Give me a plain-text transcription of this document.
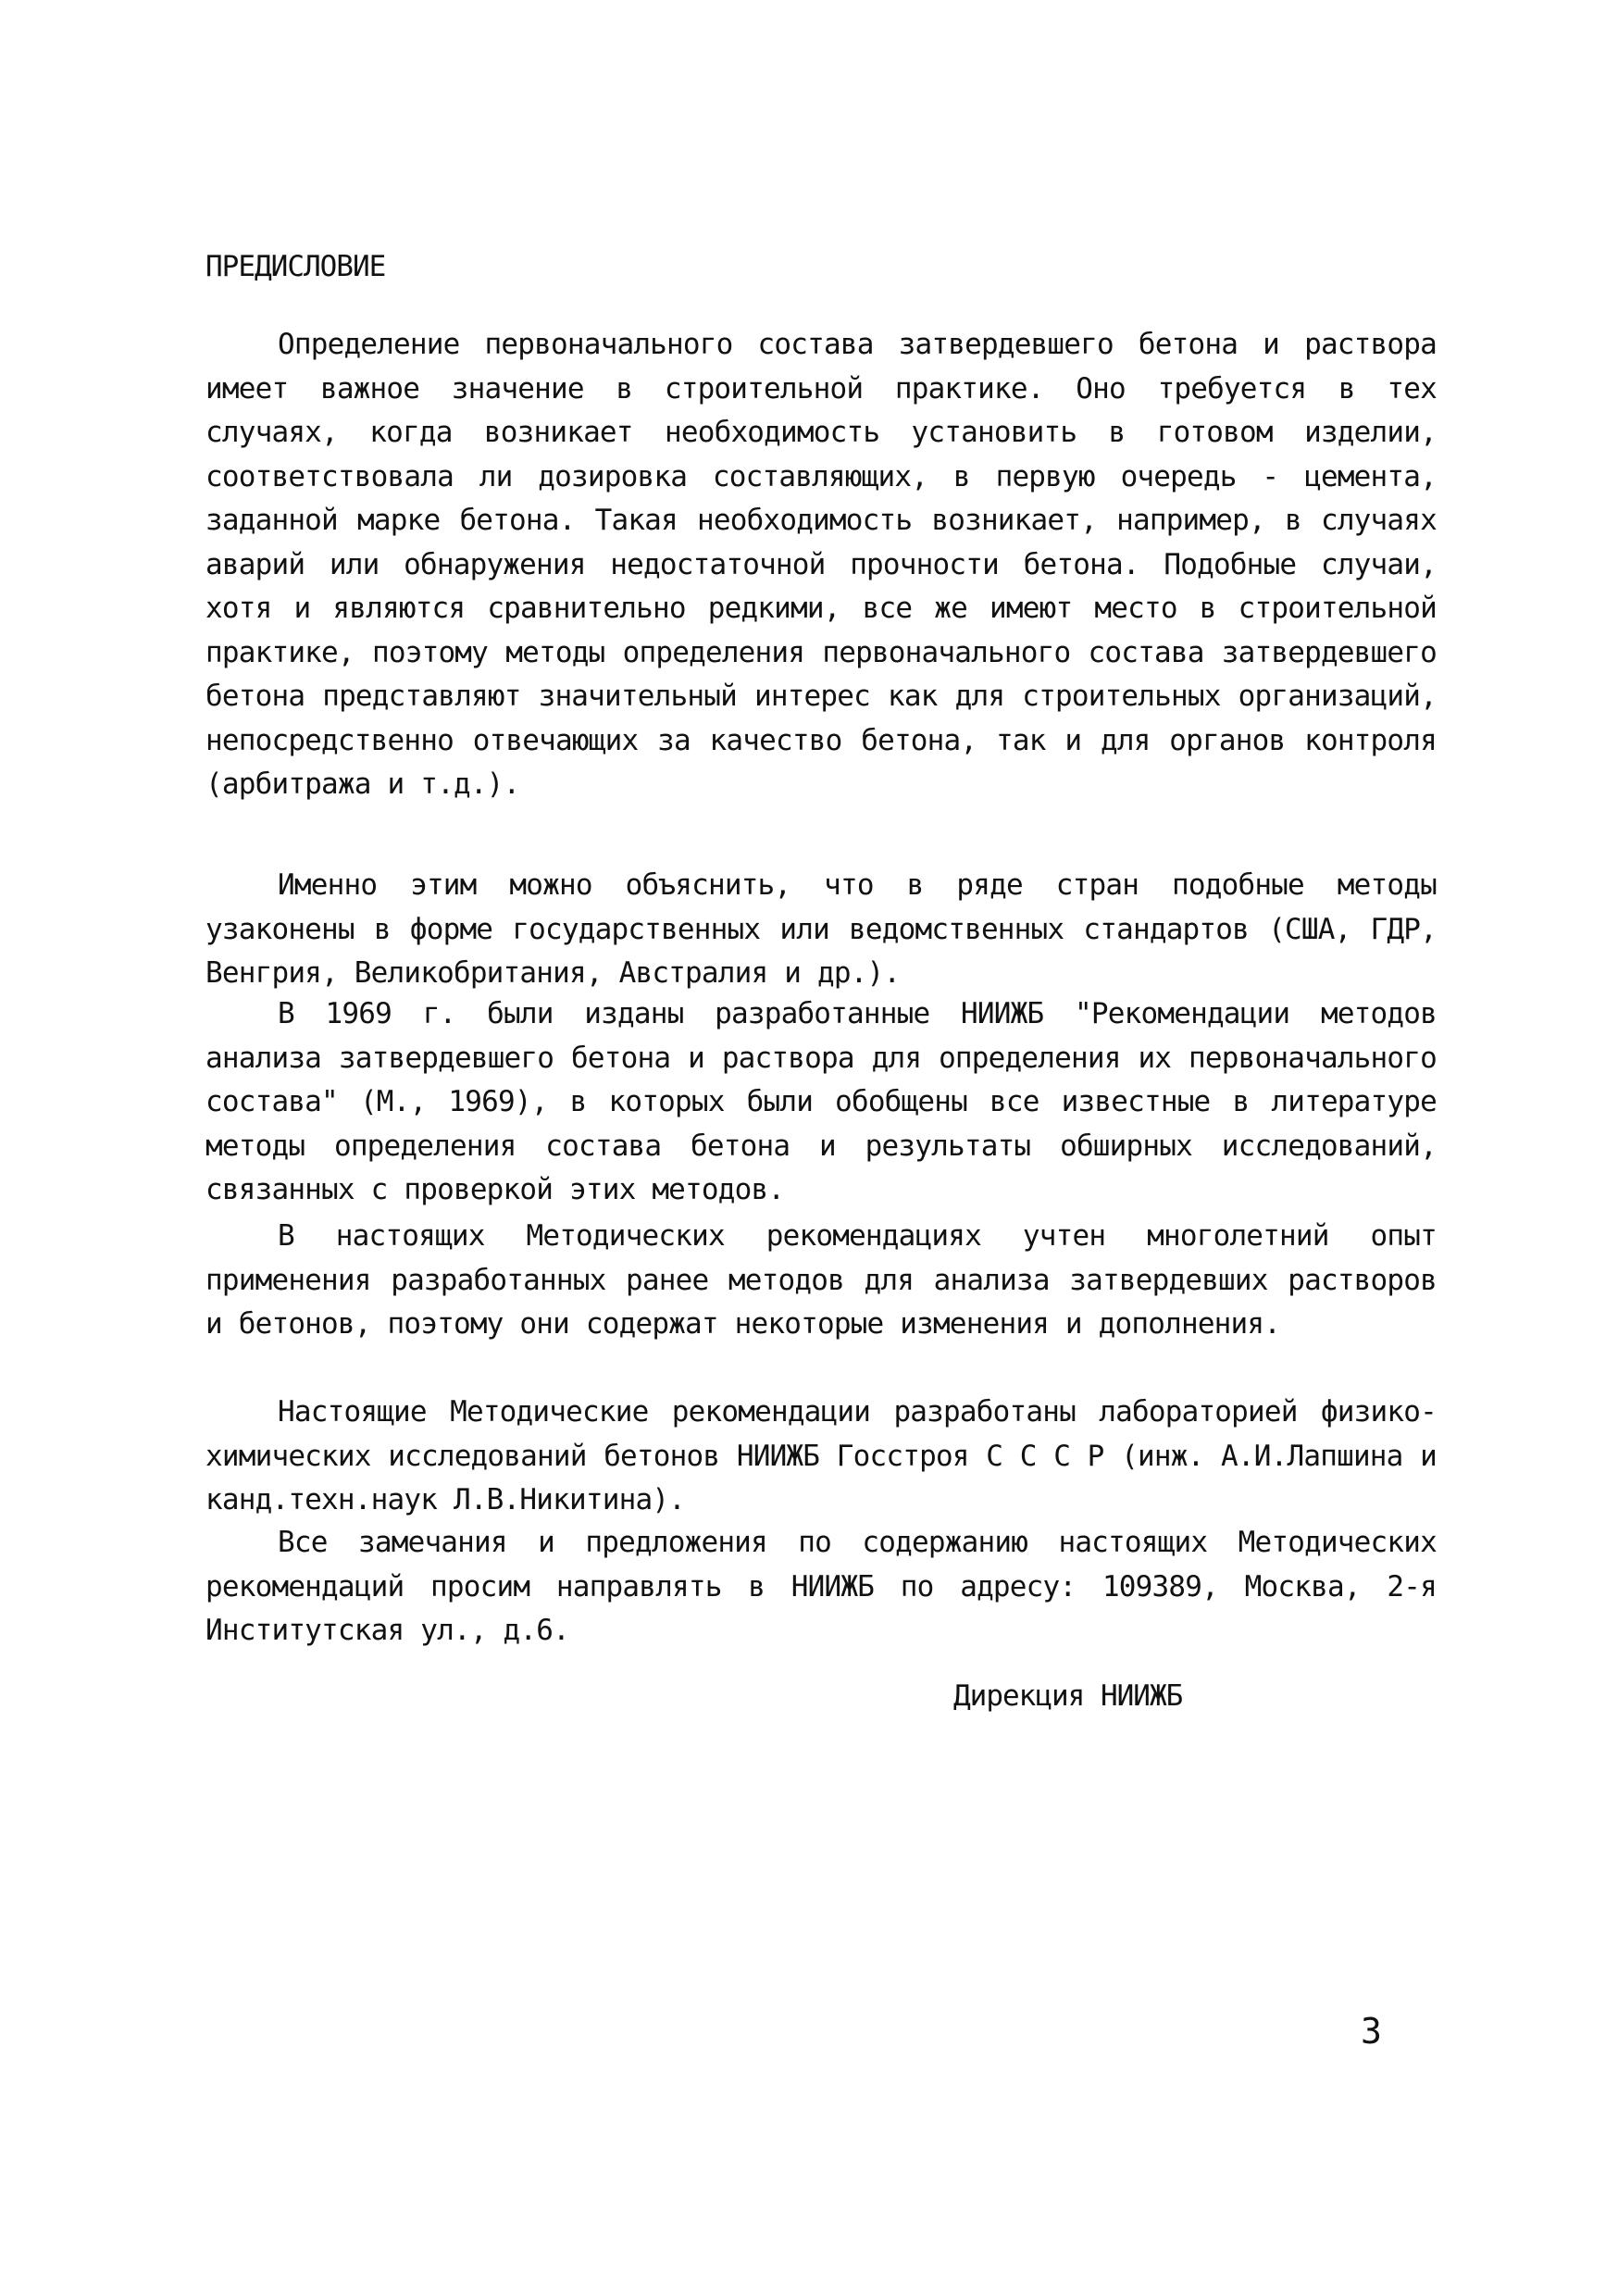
ПРЕДИСЛОВИЕ

Определение первоначального состава затвердевшего бетона и раствора имеет важное значение в строительной практике. Оно требуется в тех случаях, когда возникает необходимость установить в готовом изделии, соответствовала ли дозировка составляющих, в первую очередь - цемента, заданной марке бетона. Такая необходимость возникает, например, в случаях аварий или обнаружения недостаточной прочности бетона. Подобные случаи, хотя и являются сравнительно редкими, все же имеют место в строительной практике, поэтому методы определения первоначального состава затвердевшего бетона представляют значительный интерес как для строительных организаций, непосредственно отвечающих за качество бетона, так и для органов контроля (арбитража и т.д.).

Именно этим можно объяснить, что в ряде стран подобные методы узаконены в форме государственных или ведомственных стандартов (США, ГДР, Венгрия, Великобритания, Австралия и др.).

В 1969 г. были изданы разработанные НИИЖБ "Рекомендации методов анализа затвердевшего бетона и раствора для определения их первоначального состава" (М., 1969), в которых были обобщены все известные в литературе методы определения состава бетона и результаты обширных исследований, связанных с проверкой этих методов.

В настоящих Методических рекомендациях учтен многолетний опыт применения разработанных ранее методов для анализа затвердевших растворов и бетонов, поэтому они содержат некоторые изменения и дополнения.

Настоящие Методические рекомендации разработаны лабораторией физико-химических исследований бетонов НИИЖБ Госстроя С С С Р (инж. А.И.Лапшина и канд.техн.наук Л.В.Никитина).

Все замечания и предложения по содержанию настоящих Методических рекомендаций просим направлять в НИИЖБ по адресу: 109389, Москва, 2-я Институтская ул., д.6.

Дирекция НИИЖБ
3
